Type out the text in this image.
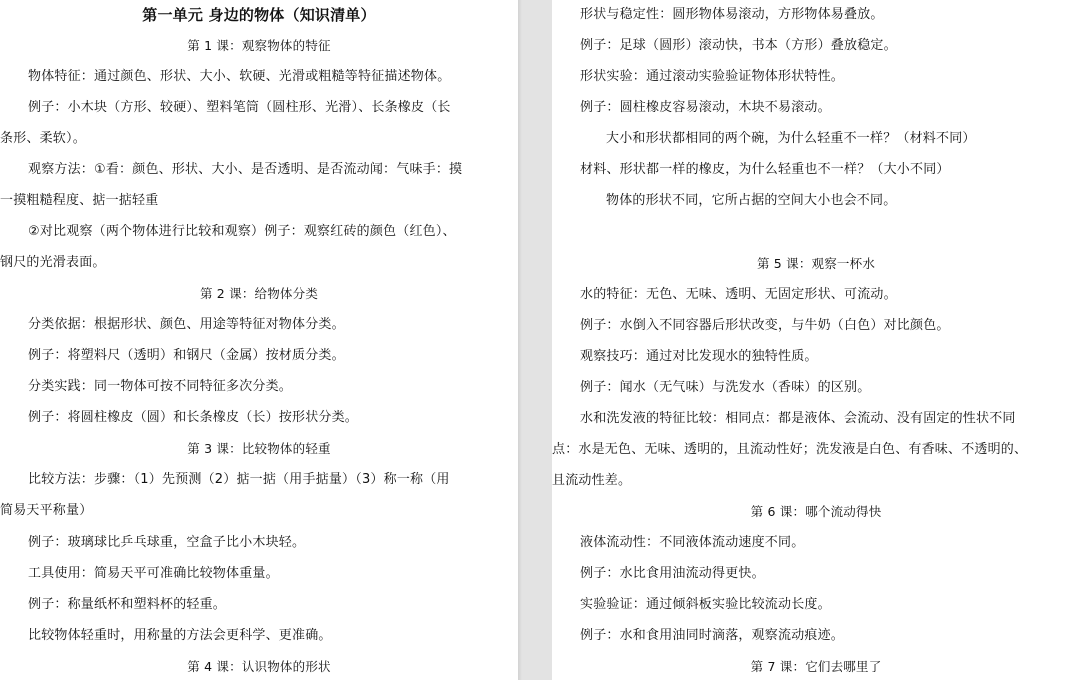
第一单元 身边的物体（知识清单）
第 1 课：观察物体的特征
物体特征：通过颜色、形状、大小、软硬、光滑或粗糙等特征描述物体。
例子：小木块（方形、较硬）、塑料笔筒（圆柱形、光滑）、长条橡皮（长
条形、柔软）。
观察方法：①看：颜色、形状、大小、是否透明、是否流动闻：气味手：摸
一摸粗糙程度、掂一掂轻重
②对比观察（两个物体进行比较和观察）例子：观察红砖的颜色（红色）、
钢尺的光滑表面。
第 2 课：给物体分类
分类依据：根据形状、颜色、用途等特征对物体分类。
例子：将塑料尺（透明）和钢尺（金属）按材质分类。
分类实践：同一物体可按不同特征多次分类。
例子：将圆柱橡皮（圆）和长条橡皮（长）按形状分类。
第 3 课：比较物体的轻重
比较方法：步骤：（1）先预测（2）掂一掂（用手掂量）（3）称一称（用
简易天平称量）
例子：玻璃球比乒乓球重，空盒子比小木块轻。
工具使用：简易天平可准确比较物体重量。
例子：称量纸杯和塑料杯的轻重。
比较物体轻重时，用称量的方法会更科学、更准确。
第 4 课：认识物体的形状
形状与稳定性：圆形物体易滚动，方形物体易叠放。
例子：足球（圆形）滚动快，书本（方形）叠放稳定。
形状实验：通过滚动实验验证物体形状特性。
例子：圆柱橡皮容易滚动，木块不易滚动。
大小和形状都相同的两个碗，为什么轻重不一样？（材料不同）
材料、形状都一样的橡皮，为什么轻重也不一样？（大小不同）
物体的形状不同，它所占据的空间大小也会不同。
第 5 课：观察一杯水
水的特征：无色、无味、透明、无固定形状、可流动。
例子：水倒入不同容器后形状改变，与牛奶（白色）对比颜色。
观察技巧：通过对比发现水的独特性质。
例子：闻水（无气味）与洗发水（香味）的区别。
水和洗发液的特征比较：相同点：都是液体、会流动、没有固定的性状不同
点：水是无色、无味、透明的，且流动性好；洗发液是白色、有香味、不透明的、
且流动性差。
第 6 课：哪个流动得快
液体流动性：不同液体流动速度不同。
例子：水比食用油流动得更快。
实验验证：通过倾斜板实验比较流动长度。
例子：水和食用油同时滴落，观察流动痕迹。
第 7 课：它们去哪里了
